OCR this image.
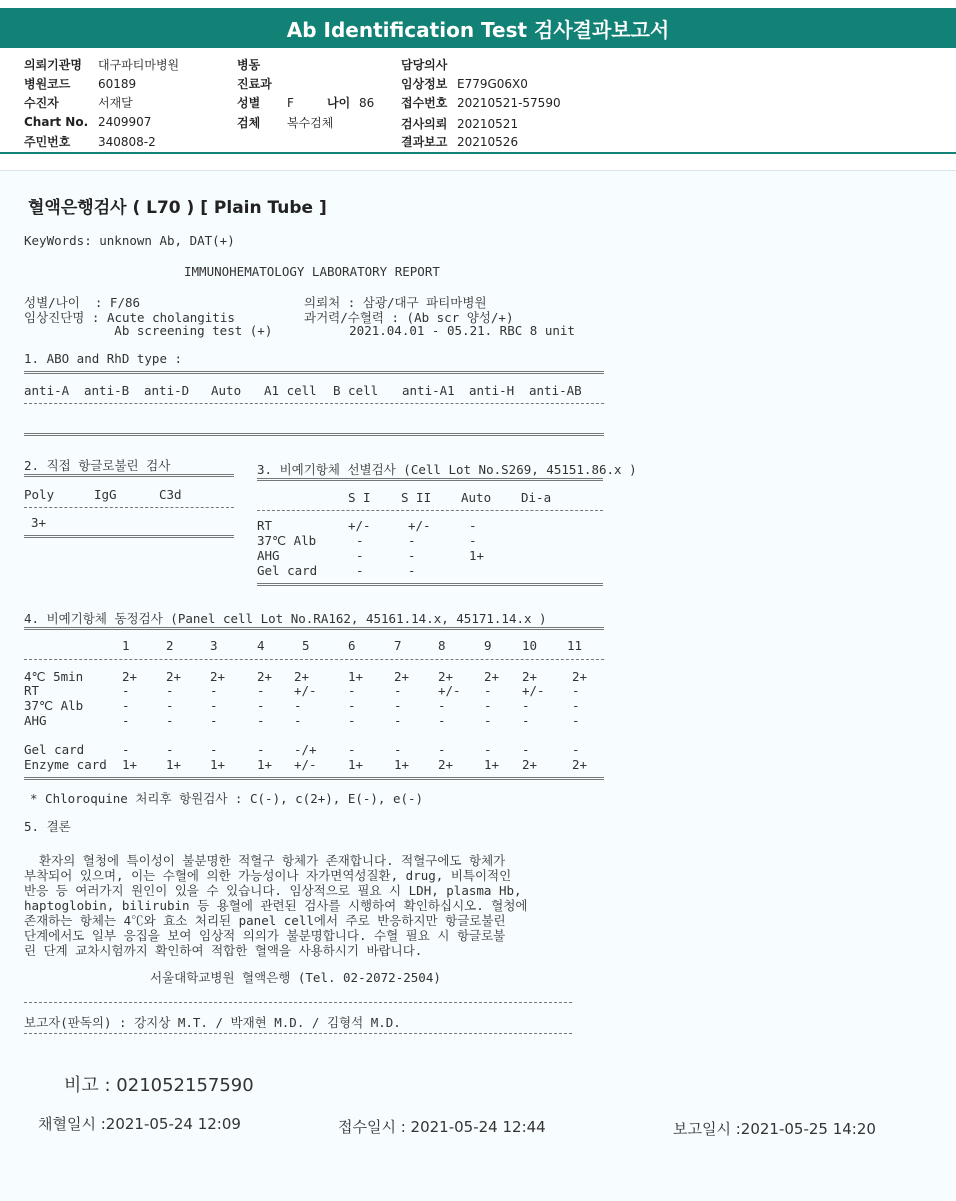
Ab Identification Test 검사결과보고서
의뢰기관명 대구파티마병원
병원코드 60189
수진자	서재달
Chart No. 2409907
주민번호 340808-2
병동
진료과
성별 F	나이 86
검체 복수검체
담당의사
임상정보 E779G06X0
접수번호 20210521-57590
검사의뢰 20210521
결과보고 20210526
혈액은행검사 ( L70 ) [ Plain Tube ]
KeyWords: unknown Ab, DAT(+)
IMMUNOHEMATOLOGY LABORATORY REPORT
성별/나이  : F/86
임상진단명 : Acute cholangitis
Ab screening test (+)
의뢰처 : 삼광/대구 파티마병원
과거력/수혈력 : (Ab scr 양성/+)
2021.04.01 - 05.21. RBC 8 unit
1. ABO and RhD type :
anti-A anti-B anti-D Auto A1 cell B cell anti-A1 anti-H anti-AB
2. 직접 항글로불린 검사
Poly	IgG	C3d
3+
3. 비예기항체 선별검사 (Cell Lot No.S269, 45151.86.x )
S I S II Auto Di-a
RT	+/-	+/-	-
37℃ Alb	-	-	-
AHG	-	-	1+
Gel card	-	-
4. 비예기항체 동정검사 (Panel cell Lot No.RA162, 45161.14.x, 45171.14.x )
1	2	3	4	5	6	7	8	9 10 11
4℃ 5min	2+ 2+ 2+	2+ 2+	1+ 2+ 2+ 2+ 2+	2+
RT	-	-	-	- +/-	-	-	+/- - +/- -
37℃ Alb	-	-	-	- -	-	-	-	- -	-
AHG	-	-	-	- -	-	-	-	- -	-
Gel card	-	-	-	- -/+	-	-	-	- -	-
Enzyme card 1+ 1+ 1+	1+ +/-	1+ 1+ 2+ 1+ 2+	2+
* Chloroquine 처리후 항원검사 : C(-), c(2+), E(-), e(-)
5. 결론
환자의 혈청에 특이성이 불분명한 적혈구 항체가 존재합니다. 적혈구에도 항체가
부착되어 있으며, 이는 수혈에 의한 가능성이나 자가면역성질환, drug, 비특이적인
반응 등 여러가지 원인이 있을 수 있습니다. 임상적으로 필요 시 LDH, plasma Hb,
haptoglobin, bilirubin 등 용혈에 관련된 검사를 시행하여 확인하십시오. 혈청에
존재하는 항체는 4℃와 효소 처리된 panel cell에서 주로 반응하지만 항글로불린
단계에서도 일부 응집을 보여 임상적 의의가 불분명합니다. 수혈 필요 시 항글로불
린 단계 교차시험까지 확인하여 적합한 혈액을 사용하시기 바랍니다.
서울대학교병원 혈액은행 (Tel. 02-2072-2504)
보고자(판독의) : 강지상 M.T. / 박재현 M.D. / 김형석 M.D.
비고 : 021052157590
채혈일시 :2021-05-24 12:09	접수일시 : 2021-05-24 12:44	보고일시 :2021-05-25 14:20
